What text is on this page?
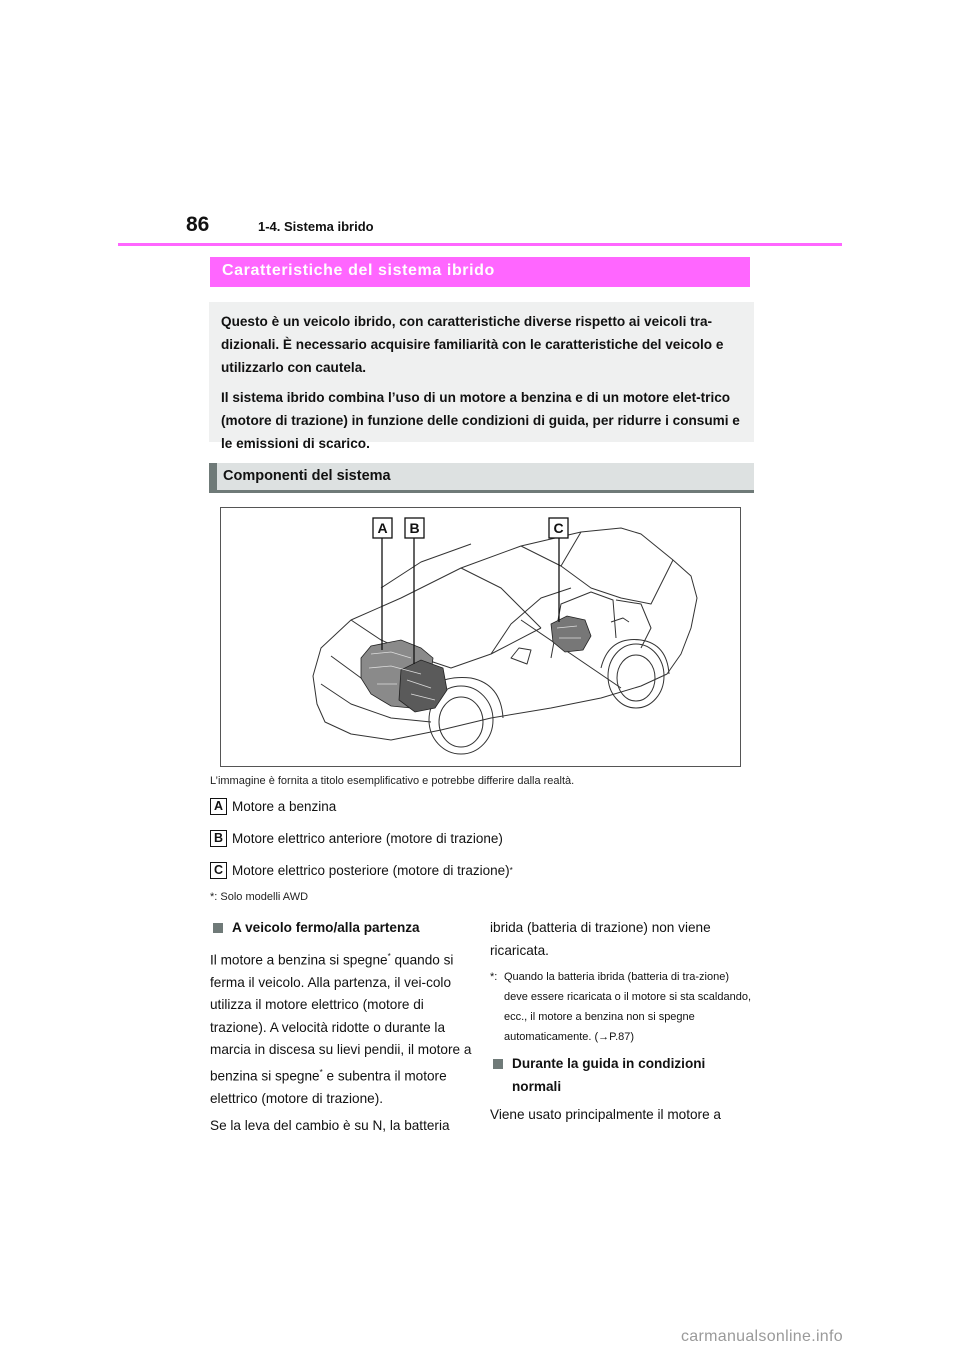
86	1-4. Sistema ibrido
Caratteristiche del sistema ibrido

Questo è un veicolo ibrido, con caratteristiche diverse rispetto ai veicoli tra-dizionali. È necessario acquisire familiarità con le caratteristiche del veicolo e utilizzarlo con cautela.

Il sistema ibrido combina l’uso di un motore a benzina e di un motore elet-trico (motore di trazione) in funzione delle condizioni di guida, per ridurre i consumi e le emissioni di scarico.

Componenti del sistema
A B	C
L’immagine è fornita a titolo esemplificativo e potrebbe differire dalla realtà.
A Motore a benzina
B Motore elettrico anteriore (motore di trazione)
C Motore elettrico posteriore (motore di trazione) *
*: Solo modelli AWD
A veicolo fermo/alla partenza

Il motore a benzina si spegne* quando si ferma il veicolo. Alla partenza, il vei-colo utilizza il motore elettrico (motore di trazione). A velocità ridotte o durante la marcia in discesa su lievi pendii, il motore a benzina si spegne* e subentra il motore elettrico (motore di trazione).

Se la leva del cambio è su N, la batteria

ibrida (batteria di trazione) non viene ricaricata.

*: Quando la batteria ibrida (batteria di tra-zione) deve essere ricaricata o il motore si sta scaldando, ecc., il motore a benzina non si spegne automaticamente. (→P.87)
Durante la guida in condizioni normali

Viene usato principalmente il motore a

carmanualsonline.info
